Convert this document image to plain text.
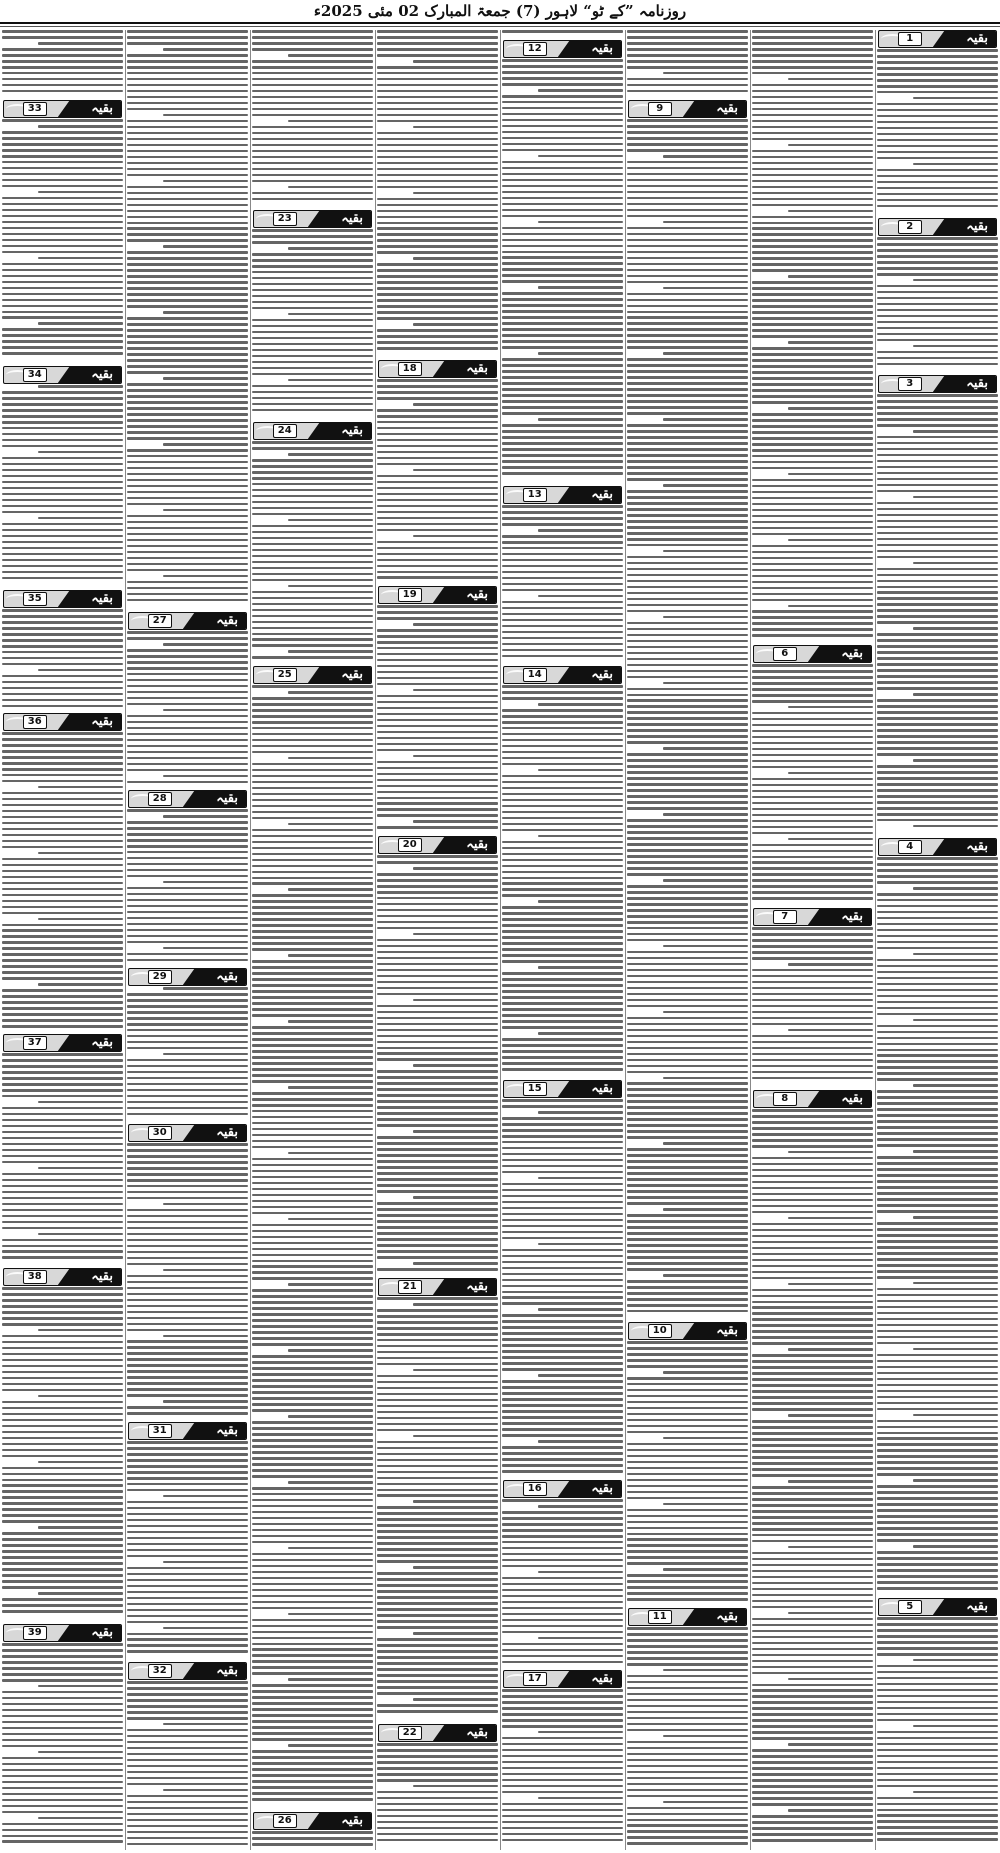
روزنامہ ”کے ٹو“ لاہور (7) جمعۃ المبارک 02 مئی 2025ء
بقیہ
1
بقیہ
2
بقیہ
3
بقیہ
4
بقیہ
5
بقیہ
6
بقیہ
7
بقیہ
8
بقیہ
9
بقیہ
10
بقیہ
11
بقیہ
12
بقیہ
13
بقیہ
14
بقیہ
15
بقیہ
16
بقیہ
17
بقیہ
18
بقیہ
19
بقیہ
20
بقیہ
21
بقیہ
22
بقیہ
23
بقیہ
24
بقیہ
25
بقیہ
26
بقیہ
27
بقیہ
28
بقیہ
29
بقیہ
30
بقیہ
31
بقیہ
32
بقیہ
33
بقیہ
34
بقیہ
35
بقیہ
36
بقیہ
37
بقیہ
38
بقیہ
39
